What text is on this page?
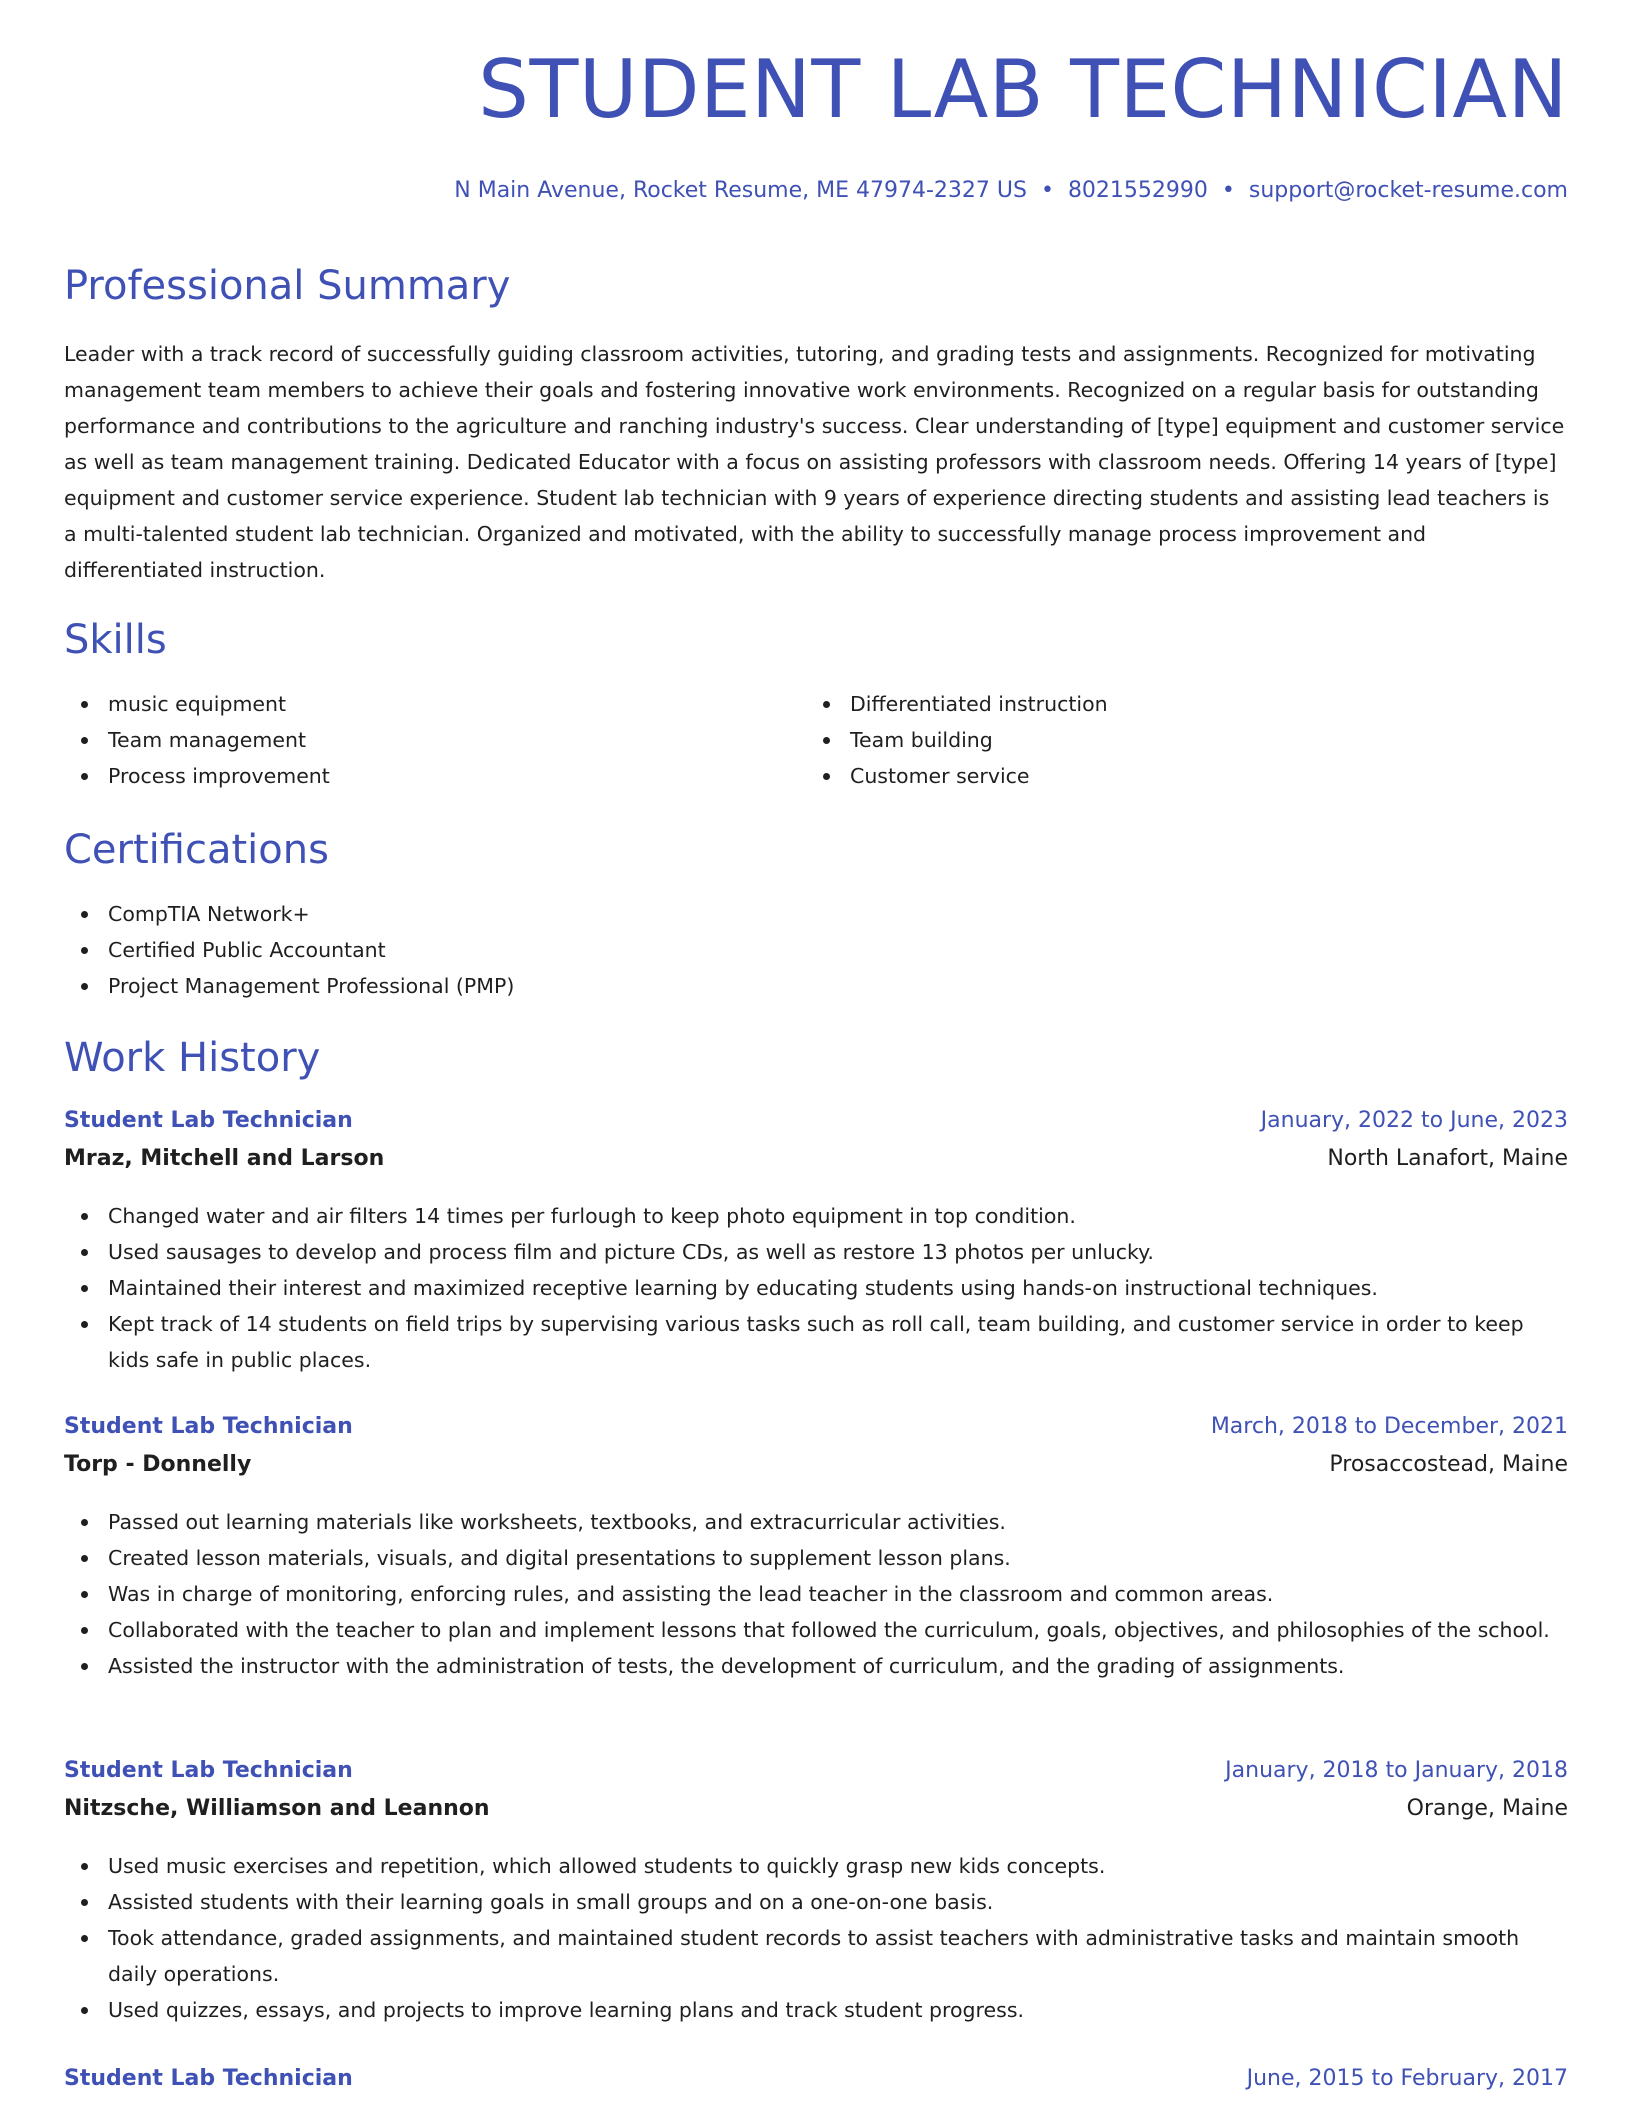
STUDENT LAB TECHNICIAN
N Main Avenue, Rocket Resume, ME 47974-2327 US • 8021552990 • support@rocket-resume.com
Professional Summary

Leader with a track record of successfully guiding classroom activities, tutoring, and grading tests and assignments. Recognized for motivating management team members to achieve their goals and fostering innovative work environments. Recognized on a regular basis for outstanding performance and contributions to the agriculture and ranching industry's success. Clear understanding of [type] equipment and customer service as well as team management training. Dedicated Educator with a focus on assisting professors with classroom needs. Offering 14 years of [type] equipment and customer service experience. Student lab technician with 9 years of experience directing students and assisting lead teachers is a multi-talented student lab technician. Organized and motivated, with the ability to successfully manage process improvement and differentiated instruction.

Skills
music equipment
Team management
Process improvement
Differentiated instruction
Team building
Customer service
Certifications
CompTIA Network+
Certified Public Accountant
Project Management Professional (PMP)
Work History
Student Lab Technician	January, 2022 to June, 2023
Mraz, Mitchell and Larson	North Lanafort, Maine
Changed water and air filters 14 times per furlough to keep photo equipment in top condition.
Used sausages to develop and process film and picture CDs, as well as restore 13 photos per unlucky.
Maintained their interest and maximized receptive learning by educating students using hands-on instructional techniques.
Kept track of 14 students on field trips by supervising various tasks such as roll call, team building, and customer service in order to keep kids safe in public places.
Student Lab Technician	March, 2018 to December, 2021
Torp - Donnelly	Prosaccostead, Maine
Passed out learning materials like worksheets, textbooks, and extracurricular activities.
Created lesson materials, visuals, and digital presentations to supplement lesson plans.
Was in charge of monitoring, enforcing rules, and assisting the lead teacher in the classroom and common areas.
Collaborated with the teacher to plan and implement lessons that followed the curriculum, goals, objectives, and philosophies of the school.
Assisted the instructor with the administration of tests, the development of curriculum, and the grading of assignments.
Student Lab Technician	January, 2018 to January, 2018
Nitzsche, Williamson and Leannon	Orange, Maine
Used music exercises and repetition, which allowed students to quickly grasp new kids concepts.
Assisted students with their learning goals in small groups and on a one-on-one basis.
Took attendance, graded assignments, and maintained student records to assist teachers with administrative tasks and maintain smooth daily operations.
Used quizzes, essays, and projects to improve learning plans and track student progress.
Student Lab Technician	June, 2015 to February, 2017
